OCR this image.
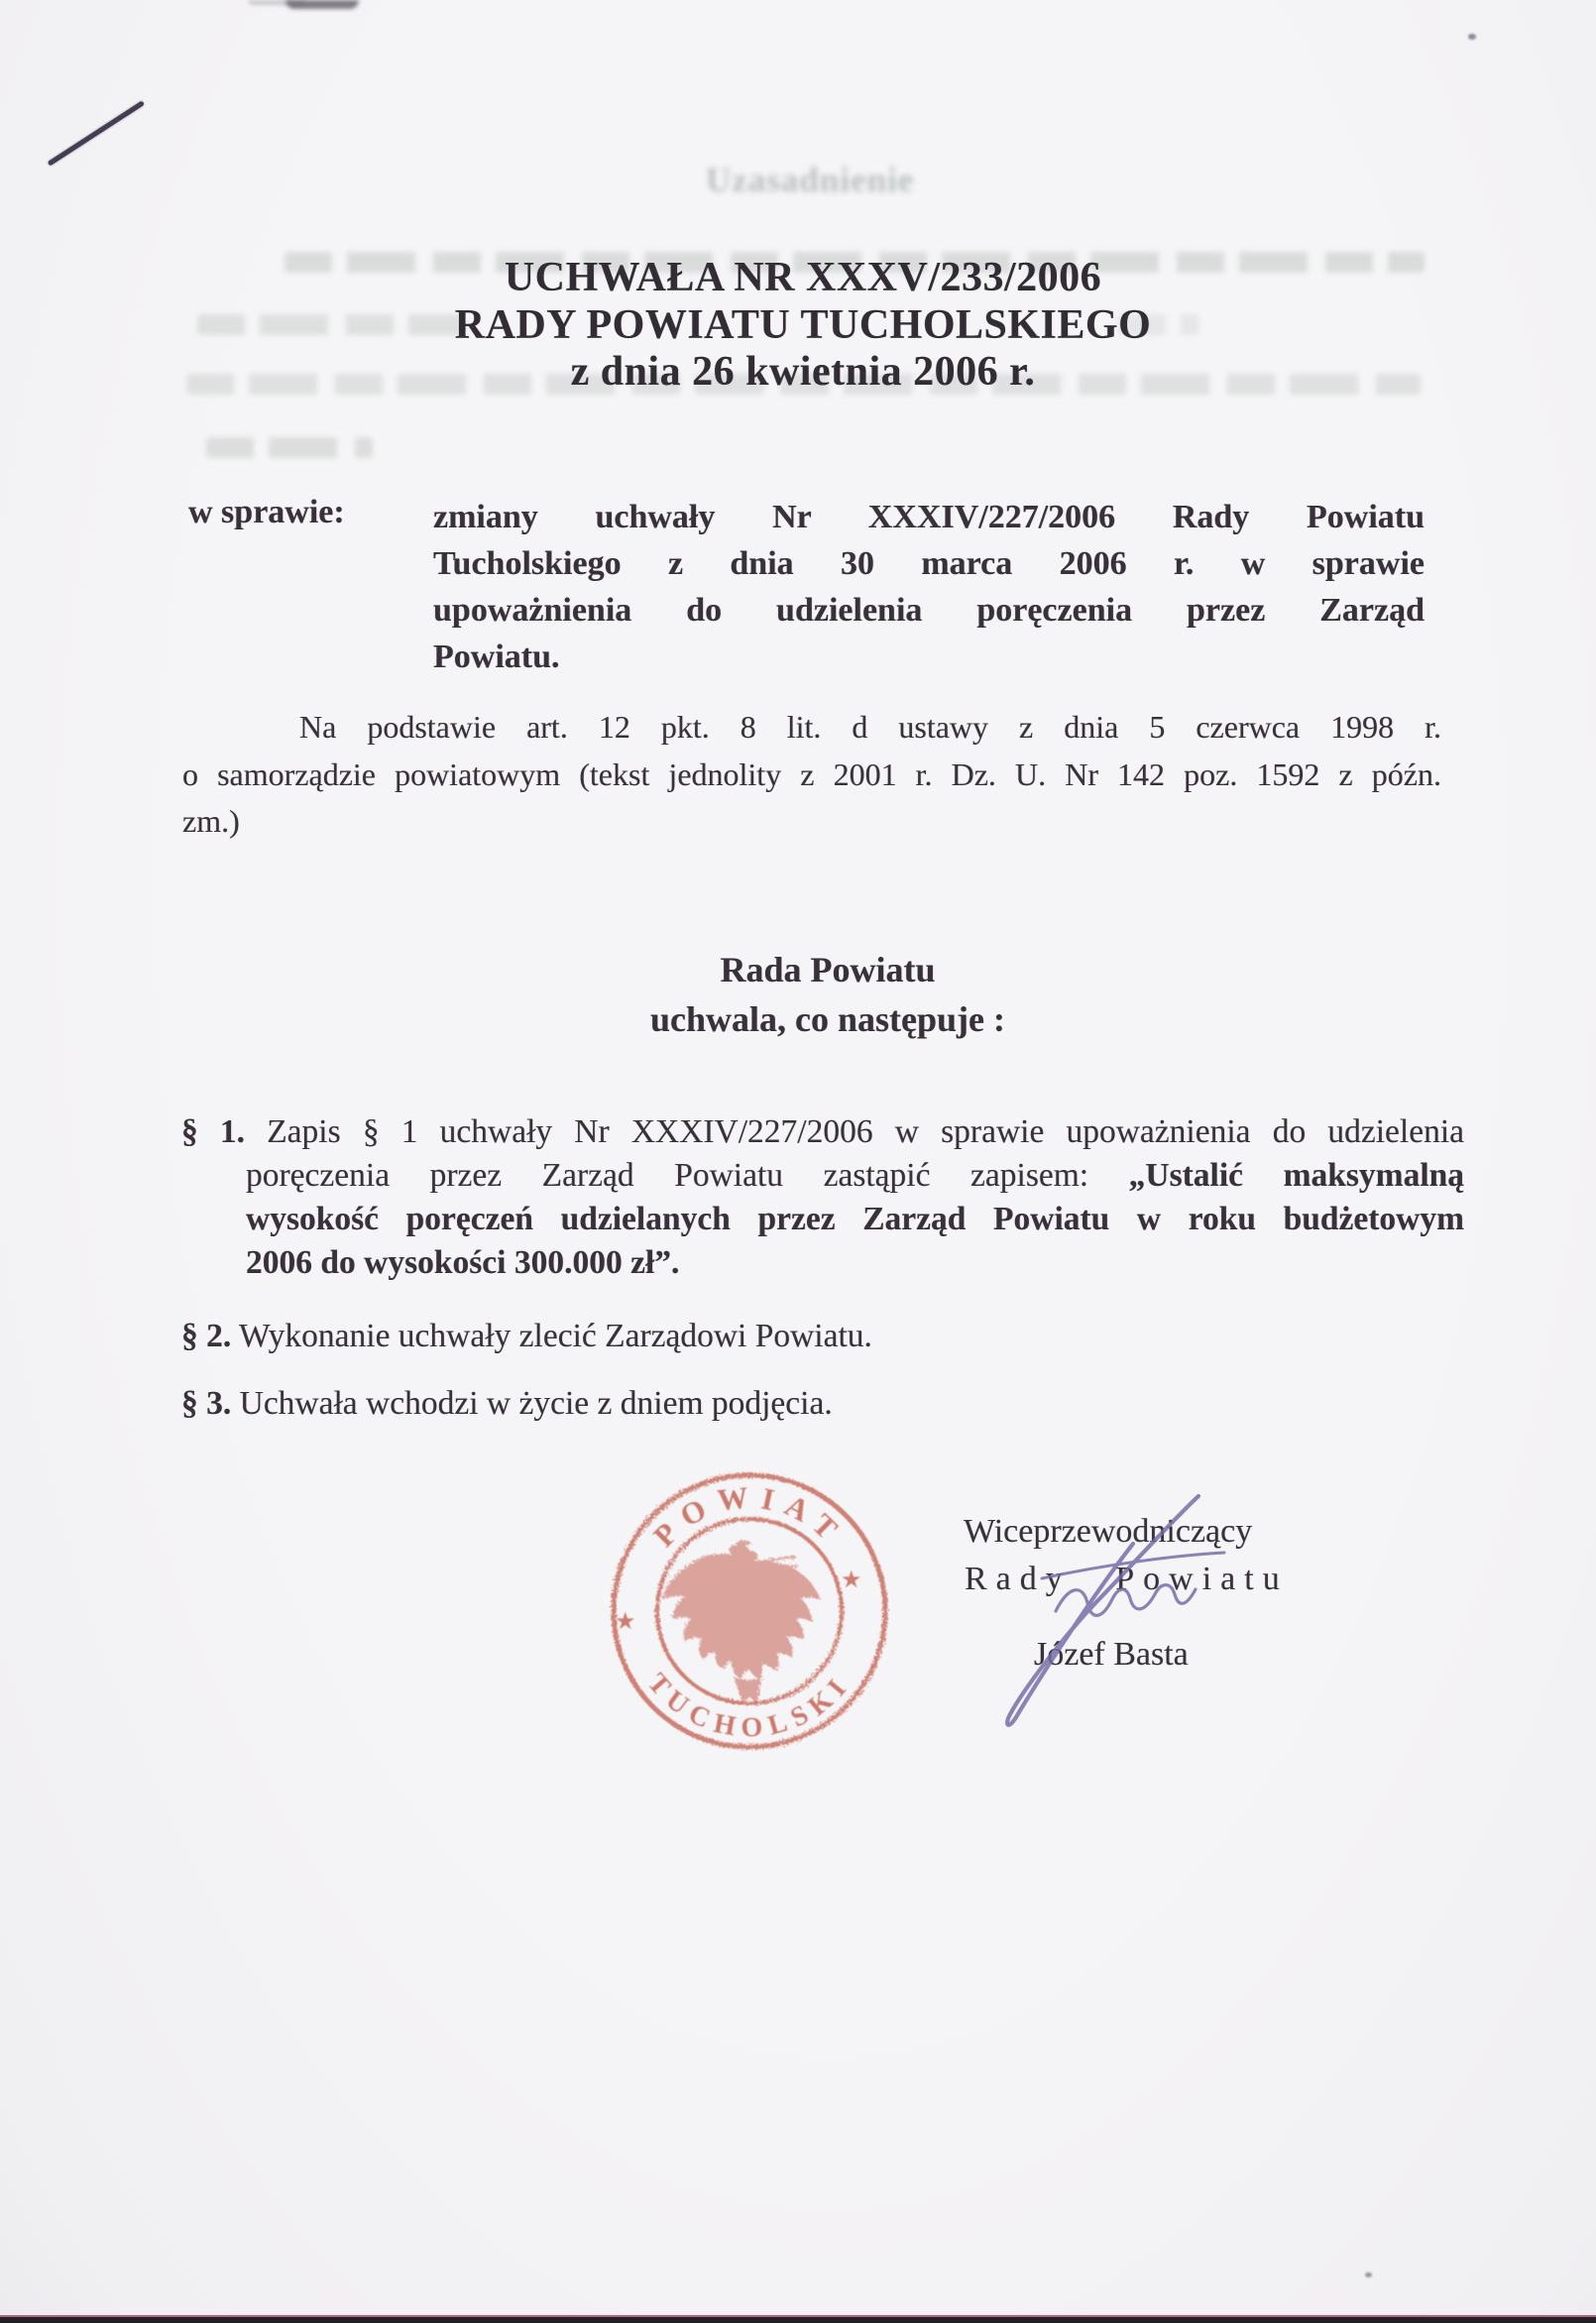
Uzasadnienie
UCHWAŁA NR XXXV/233/2006
RADY POWIATU TUCHOLSKIEGO
z dnia 26 kwietnia 2006 r.
w sprawie:	zmiany uchwały Nr XXXIV/227/2006 Rady Powiatu
Tucholskiego z dnia 30 marca 2006 r. w sprawie
upoważnienia do udzielenia poręczenia przez Zarząd
Powiatu.
Na podstawie art. 12 pkt. 8 lit. d ustawy z dnia 5 czerwca 1998 r.
o samorządzie powiatowym (tekst jednolity z 2001 r. Dz. U. Nr 142 poz. 1592 z późn.
zm.)
Rada Powiatu
uchwala, co następuje :
§ 1. Zapis § 1 uchwały Nr XXXIV/227/2006 w sprawie upoważnienia do udzielenia
poręczenia przez Zarząd Powiatu zastąpić zapisem: „Ustalić maksymalną
wysokość poręczeń udzielanych przez Zarząd Powiatu w roku budżetowym
2006 do wysokości 300.000 zł”.
§ 2. Wykonanie uchwały zlecić Zarządowi Powiatu.
§ 3. Uchwała wchodzi w życie z dniem podjęcia.
POWIAT
TUCHOLSKI
★
★
Wiceprzewodniczący
Rady Powiatu
Józef Basta
